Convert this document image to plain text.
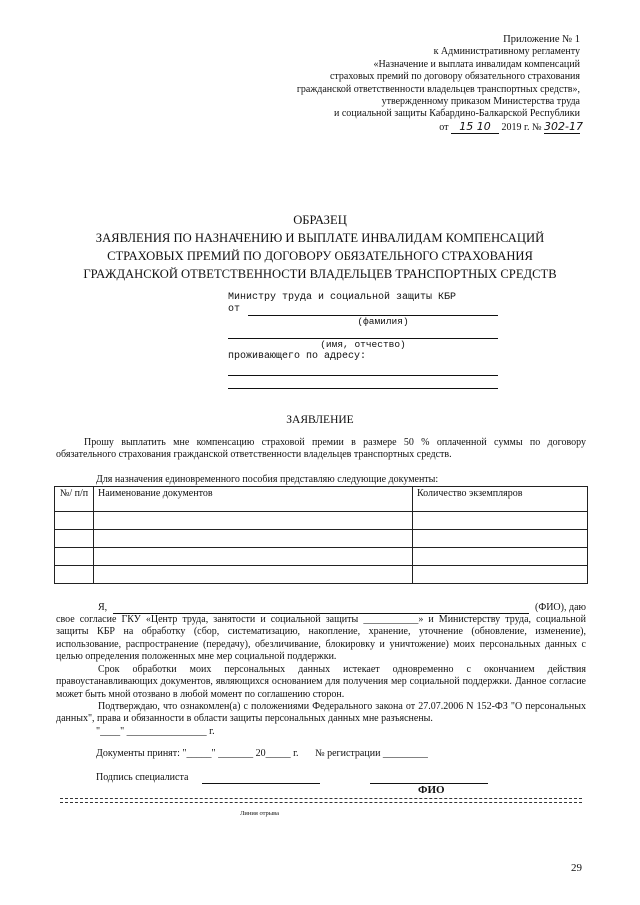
Приложение № 1
к Административному регламенту
«Назначение и выплата инвалидам компенсаций
страховых премий по договору обязательного страхования
гражданской ответственности владельцев транспортных средств»,
утвержденному приказом Министерства труда
и социальной защиты Кабардино-Балкарской Республики
от 15 10 2019 г. № 302-17
ОБРАЗЕЦ
ЗАЯВЛЕНИЯ ПО НАЗНАЧЕНИЮ И ВЫПЛАТЕ ИНВАЛИДАМ КОМПЕНСАЦИЙ
СТРАХОВЫХ ПРЕМИЙ ПО ДОГОВОРУ ОБЯЗАТЕЛЬНОГО СТРАХОВАНИЯ
ГРАЖДАНСКОЙ ОТВЕТСТВЕННОСТИ ВЛАДЕЛЬЦЕВ ТРАНСПОРТНЫХ СРЕДСТВ
Министру труда и социальной защиты КБР
от
(фамилия)
(имя, отчество)
проживающего по адресу:
ЗАЯВЛЕНИЕ
Прошу выплатить мне компенсацию страховой премии в размере 50 % оплаченной суммы по договору обязательного страхования гражданской ответственности владельцев транспортных средств.
Для назначения единовременного пособия представляю следующие документы:
№/ п/п	Наименование документов	Количество экземпляров

Я,	(ФИО), даю
свое согласие ГКУ «Центр труда, занятости и социальной защиты ___________» и Министерству труда, социальной защиты КБР на обработку (сбор, систематизацию, накопление, хранение, уточнение (обновление, изменение), использование, распространение (передачу), обезличивание, блокировку и уничтожение) моих персональных данных с целью определения положенных мне мер социальной поддержки.
Срок обработки моих персональных данных истекает одновременно с окончанием действия правоустанавливающих документов, являющихся основанием для получения мер социальной поддержки. Данное согласие может быть мной отозвано в любой момент по соглашению сторон.
Подтверждаю, что ознакомлен(а) с положениями Федерального закона от 27.07.2006 N 152-ФЗ "О персональных данных", права и обязанности в области защиты персональных данных мне разъяснены.
"____" ________________ г.
Документы принят: "_____" _______ 20_____ г. № регистрации _________
Подпись специалиста
ФИО
Линия отрыва
29
